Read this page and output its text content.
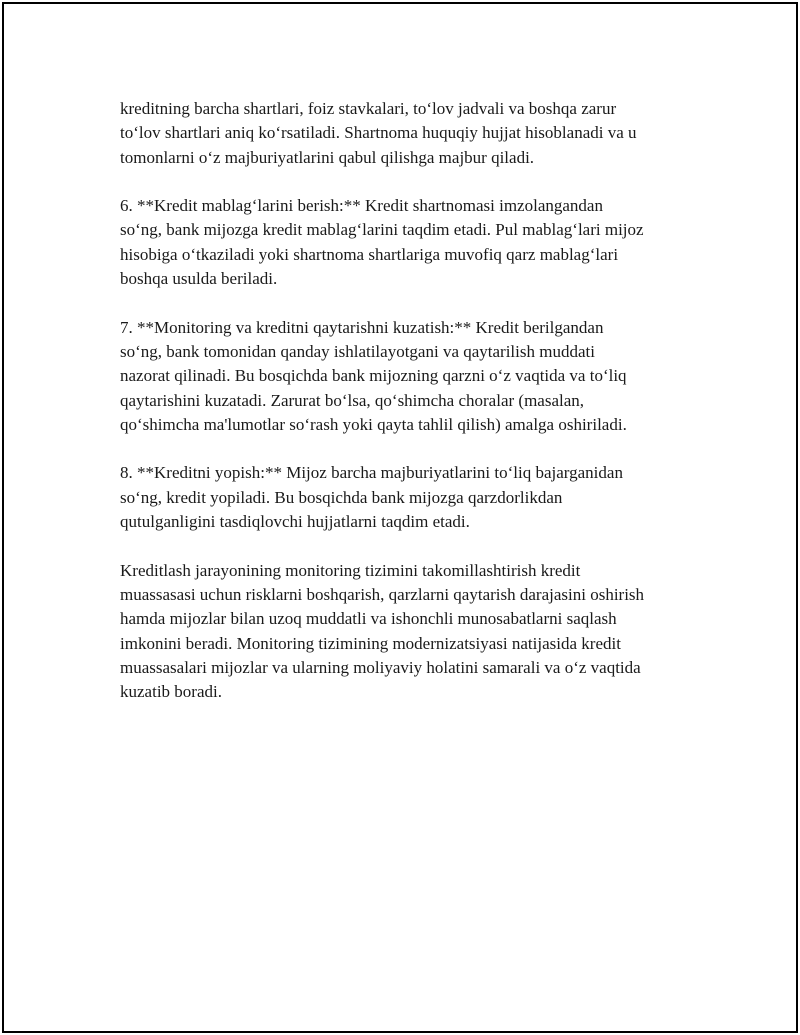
kreditning barcha shartlari, foiz stavkalari, to‘lov jadvali va boshqa zarur
to‘lov shartlari aniq ko‘rsatiladi. Shartnoma huquqiy hujjat hisoblanadi va u
tomonlarni o‘z majburiyatlarini qabul qilishga majbur qiladi.

6. **Kredit mablag‘larini berish:** Kredit shartnomasi imzolangandan
so‘ng, bank mijozga kredit mablag‘larini taqdim etadi. Pul mablag‘lari mijoz
hisobiga o‘tkaziladi yoki shartnoma shartlariga muvofiq qarz mablag‘lari
boshqa usulda beriladi.

7. **Monitoring va kreditni qaytarishni kuzatish:** Kredit berilgandan
so‘ng, bank tomonidan qanday ishlatilayotgani va qaytarilish muddati
nazorat qilinadi. Bu bosqichda bank mijozning qarzni o‘z vaqtida va to‘liq
qaytarishini kuzatadi. Zarurat bo‘lsa, qo‘shimcha choralar (masalan,
qo‘shimcha ma'lumotlar so‘rash yoki qayta tahlil qilish) amalga oshiriladi.

8. **Kreditni yopish:** Mijoz barcha majburiyatlarini to‘liq bajarganidan
so‘ng, kredit yopiladi. Bu bosqichda bank mijozga qarzdorlikdan
qutulganligini tasdiqlovchi hujjatlarni taqdim etadi.

Kreditlash jarayonining monitoring tizimini takomillashtirish kredit
muassasasi uchun risklarni boshqarish, qarzlarni qaytarish darajasini oshirish
hamda mijozlar bilan uzoq muddatli va ishonchli munosabatlarni saqlash
imkonini beradi. Monitoring tizimining modernizatsiyasi natijasida kredit
muassasalari mijozlar va ularning moliyaviy holatini samarali va o‘z vaqtida
kuzatib boradi.
